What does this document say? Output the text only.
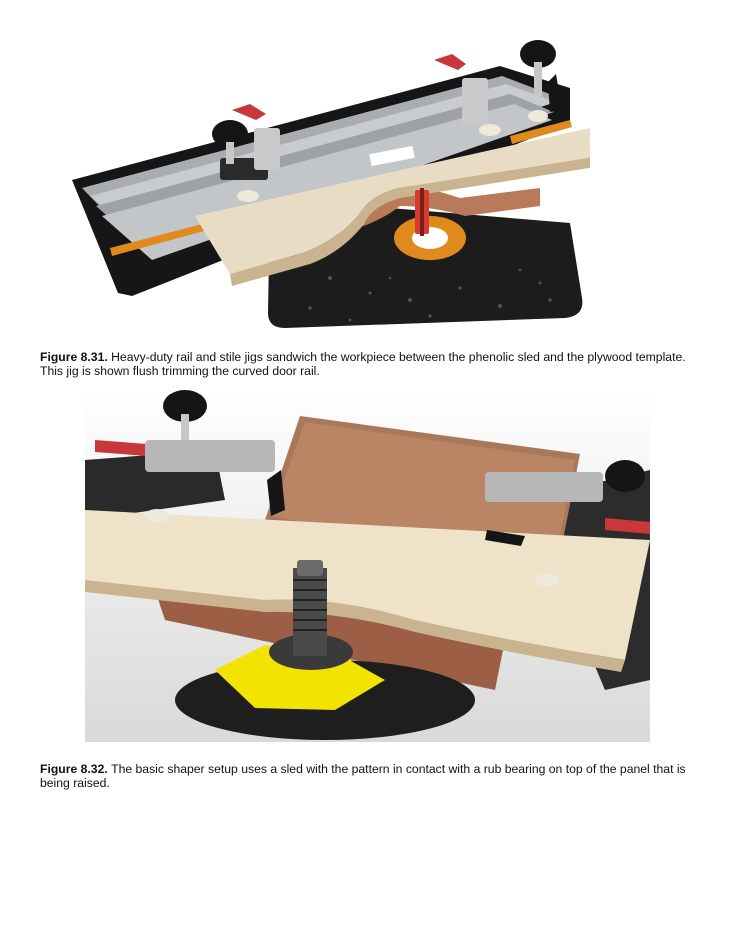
Figure 8.31. Heavy-duty rail and stile jigs sandwich the workpiece between the phenolic sled and the plywood template. This jig is shown flush trimming the curved door rail.

Figure 8.32. The basic shaper setup uses a sled with the pattern in contact with a rub bearing on top of the panel that is being raised.
